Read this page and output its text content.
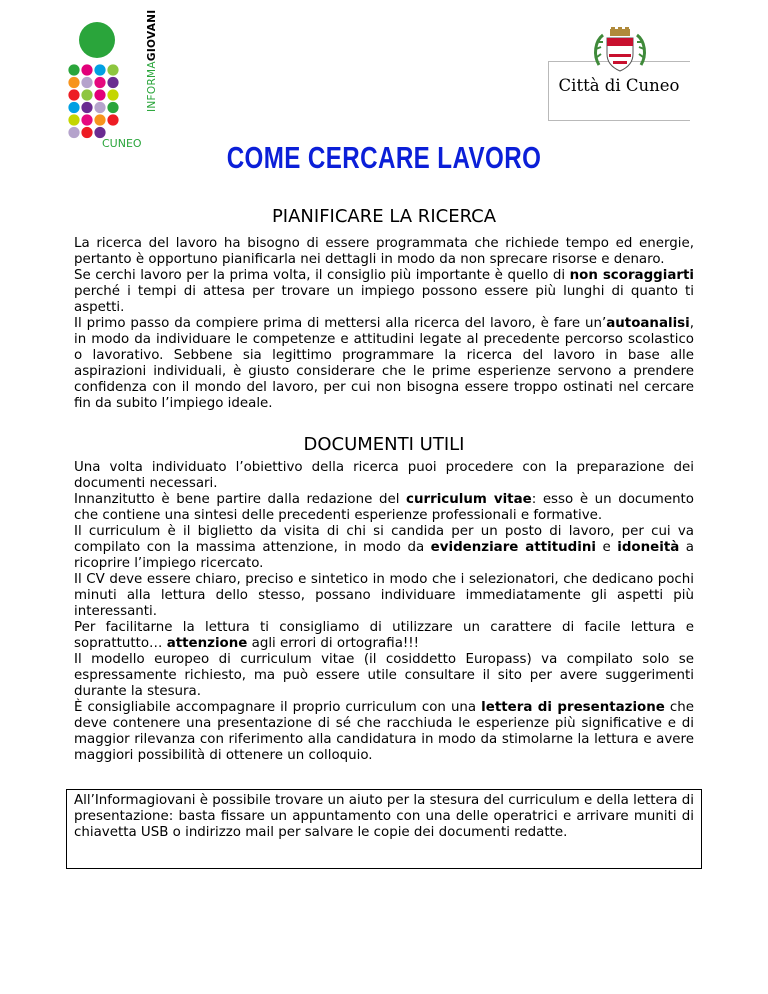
INFORMAGIOVANI
CUNEO
Città di Cuneo
COME CERCARE LAVORO
PIANIFICARE LA RICERCA

La ricerca del lavoro ha bisogno di essere programmata che richiede tempo ed energie, pertanto è opportuno pianificarla nei dettagli in modo da non sprecare risorse e denaro.

Se cerchi lavoro per la prima volta, il consiglio più importante è quello di non scoraggiarti perché i tempi di attesa per trovare un impiego possono essere più lunghi di quanto ti aspetti.

Il primo passo da compiere prima di mettersi alla ricerca del lavoro, è fare un’autoanalisi, in modo da individuare le competenze e attitudini legate al precedente percorso scolastico o lavorativo. Sebbene sia legittimo programmare la ricerca del lavoro in base alle aspirazioni individuali, è giusto considerare che le prime esperienze servono a prendere confidenza con il mondo del lavoro, per cui non bisogna essere troppo ostinati nel cercare fin da subito l’impiego ideale.

DOCUMENTI UTILI

Una volta individuato l’obiettivo della ricerca puoi procedere con la preparazione dei documenti necessari.

Innanzitutto è bene partire dalla redazione del curriculum vitae: esso è un documento che contiene una sintesi delle precedenti esperienze professionali e formative.

Il curriculum è il biglietto da visita di chi si candida per un posto di lavoro, per cui va compilato con la massima attenzione, in modo da evidenziare attitudini e idoneità a ricoprire l’impiego ricercato.

Il CV deve essere chiaro, preciso e sintetico in modo che i selezionatori, che dedicano pochi minuti alla lettura dello stesso, possano individuare immediatamente gli aspetti più interessanti.

Per facilitarne la lettura ti consigliamo di utilizzare un carattere di facile lettura e soprattutto… attenzione agli errori di ortografia!!!

Il modello europeo di curriculum vitae (il cosiddetto Europass) va compilato solo se espressamente richiesto, ma può essere utile consultare il sito per avere suggerimenti durante la stesura.

È consigliabile accompagnare il proprio curriculum con una lettera di presentazione che deve contenere una presentazione di sé che racchiuda le esperienze più significative e di maggior rilevanza con riferimento alla candidatura in modo da stimolarne la lettura e avere maggiori possibilità di ottenere un colloquio.

All’Informagiovani è possibile trovare un aiuto per la stesura del curriculum e della lettera di presentazione: basta fissare un appuntamento con una delle operatrici e arrivare muniti di chiavetta USB o indirizzo mail per salvare le copie dei documenti redatte.
